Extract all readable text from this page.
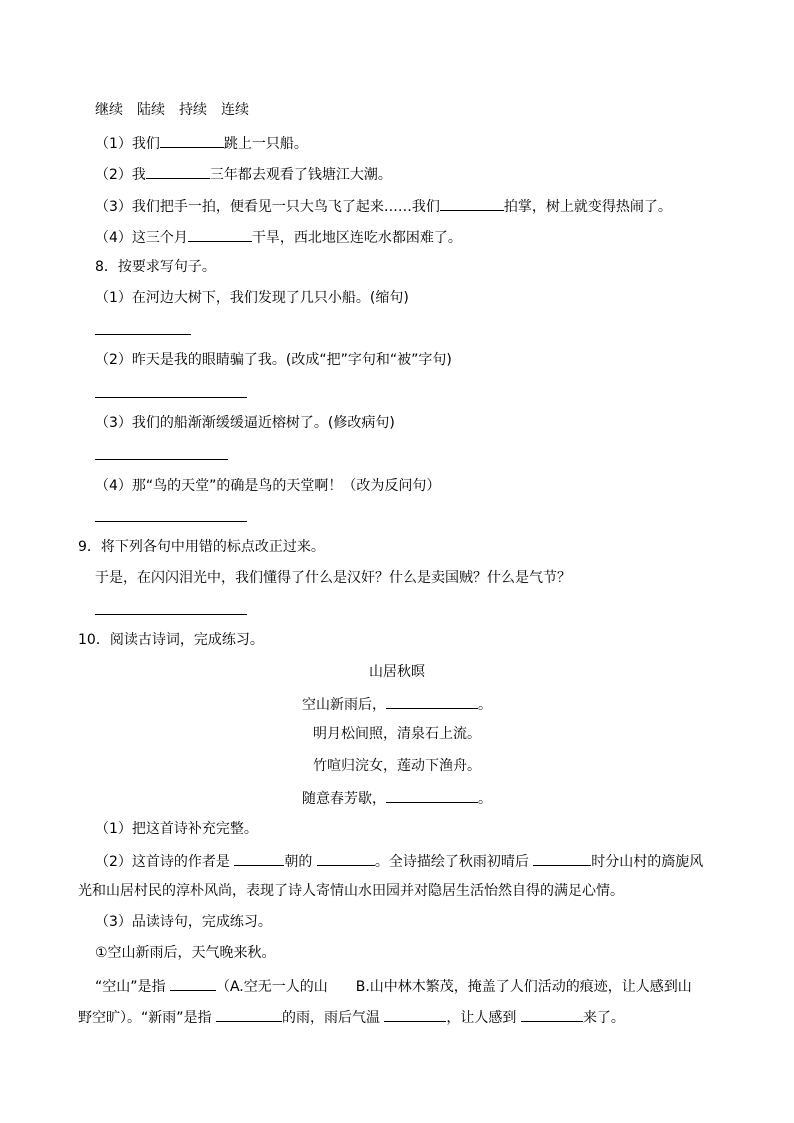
继续　陆续　持续　连续
（1）我们	跳上一只船。
（2）我	三年都去观看了钱塘江大潮。
（3）我们把手一拍，便看见一只大鸟飞了起来……我们	拍掌，树上就变得热闹了。
（4）这三个月	干旱，西北地区连吃水都困难了。
8．按要求写句子。
（1）在河边大树下，我们发现了几只小船。(缩句)
（2）昨天是我的眼睛骗了我。(改成“把”字句和“被”字句)
（3）我们的船渐渐缓缓逼近榕树了。(修改病句)
（4）那“鸟的天堂”的确是鸟的天堂啊！（改为反问句）
9．将下列各句中用错的标点改正过来。
于是，在闪闪泪光中，我们懂得了什么是汉奸？什么是卖国贼？什么是气节？
10．阅读古诗词，完成练习。
山居秋暝
空山新雨后，	。
明月松间照，清泉石上流。
竹喧归浣女，莲动下渔舟。
随意春芳歇，	。
（1）把这首诗补充完整。
（2）这首诗的作者是	朝的	。全诗描绘了秋雨初晴后	时分山村的旖旎风
光和山居村民的淳朴风尚，表现了诗人寄情山水田园并对隐居生活怡然自得的满足心情。
（3）品读诗句，完成练习。
①空山新雨后，天气晚来秋。
“空山”是指	（A.空无一人的山　　B.山中林木繁茂，掩盖了人们活动的痕迹，让人感到山
野空旷）。“新雨”是指	的雨，雨后气温	，让人感到	来了。
